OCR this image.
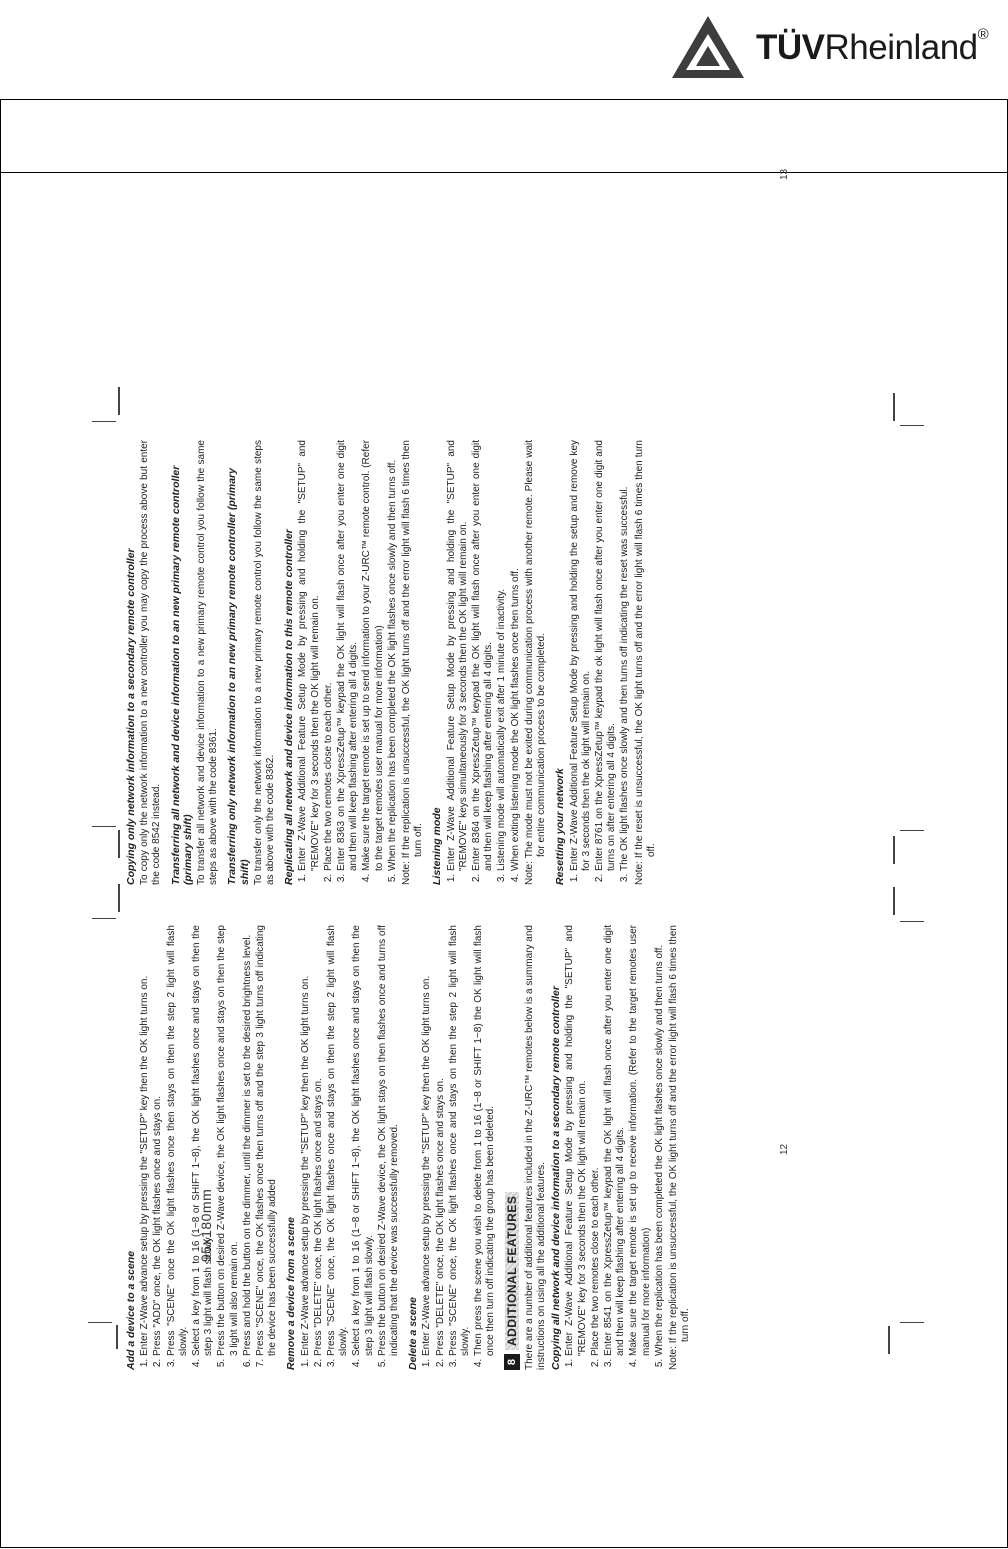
TÜVRheinland®
95x180mm
Add a device to a scene 1. Enter Z-Wave advance setup by pressing the "SETUP" key then the OK light turns on. 2. Press "ADD" once, the OK light flashes once and stays on. 3. Press "SCENE" once the OK light flashes once then stays on then the step 2 light will flash slowly. 4. Select a key from 1 to 16 (1~8 or SHIFT 1~8), the OK light flashes once and stays on then the step 3 light will flash slowly. 5. Press the button on desired Z-Wave device, the OK light flashes once and stays on then the step 3 light will also remain on. 6. Press and hold the button on the dimmer, until the dimmer is set to the desired brightness level. 7. Press "SCENE" once, the OK flashes once then turns off and the step 3 light turns off indicating the device has been successfully added Remove a device from a scene 1. Enter Z-Wave advance setup by pressing the "SETUP" key then the OK light turns on. 2. Press "DELETE" once, the OK light flashes once and stays on. 3. Press "SCENE" once, the OK light flashes once and stays on then the step 2 light will flash slowly. 4. Select a key from 1 to 16 (1~8 or SHIFT 1~8), the OK light flashes once and stays on then the step 3 light will flash slowly. 5. Press the button on desired Z-Wave device, the OK light stays on then flashes once and turns off indicating that the device was successfully removed. Delete a scene 1. Enter Z-Wave advance setup by pressing the "SETUP" key then the OK light turns on. 2. Press "DELETE" once, the OK light flashes once and stays on. 3. Press "SCENE" once, the OK light flashes once and stays on then the step 2 light will flash slowly. 4. Then press the scene you wish to delete from 1 to 16 (1~8 or SHIFT 1~8) the OK light will flash once then turn off indicating the group has been deleted.
8
ADDITIONAL FEATURES There are a number of additional features included in the Z-URC™ remotes below is a summary and instructions on using all the additional features. Copying all network and device information to a secondary remote controller 1. Enter Z-Wave Additional Feature Setup Mode by pressing and holding the "SETUP" and "REMOVE" key for 3 seconds then the OK light will remain on. 2. Place the two remotes close to each other. 3. Enter 8541 on the XpressZetup™ keypad the OK light will flash once after you enter one digit and then will keep flashing after entering all 4 digits. 4. Make sure the target remote is set up to receive information. (Refer to the target remotes user manual for more information) 5. When the replication has been completed the OK light flashes once slowly and then turns off. Note: If the replication is unsuccessful, the OK light turns off and the error light will flash 6 times then turn off.
12
Copying only network information to a secondary remote controller To copy only the network information to a new controller you may copy the process above but enter the code 8542 instead. Transferring all network and device information to an new primary remote controller (primary shift) To transfer all network and device information to a new primary remote control you follow the same steps as above with the code 8361. Transferring only network information to an new primary remote controller (primary shift) To transfer only the network information to a new primary remote control you follow the same steps as above with the code 8362. Replicating all network and device information to this remote controller 1. Enter Z-Wave Additional Feature Setup Mode by pressing and holding the "SETUP" and "REMOVE" key for 3 seconds then the OK light will remain on. 2. Place the two remotes close to each other. 3. Enter 8363 on the XpressZetup™ keypad the OK light will flash once after you enter one digit and then will keep flashing after entering all 4 digits. 4. Make sure the target remote is set up to send information to your Z-URC™ remote control. (Refer to the target remotes user manual for more information) 5. When the replication has been completed the OK light flashes once slowly and then turns off. Note: If the replication is unsuccessful, the OK light turns off and the error light will flash 6 times then turn off. Listening mode 1. Enter Z-Wave Additional Feature Setup Mode by pressing and holding the "SETUP" and "REMOVE" keys simultaneously for 3 seconds then the OK light will remain on. 2. Enter 8364 on the XpressZetup™ keypad the OK light will flash once after you enter one digit and then will keep flashing after entering all 4 digits. 3. Listening mode will automatically exit after 1 minute of inactivity. 4. When exiting listening mode the OK light flashes once then turns off. Note: The mode must not be exited during communication process with another remote. Please wait for entire communication process to be completed. Resetting your network 1. Enter Z-Wave Additional Feature Setup Mode by pressing and holding the setup and remove key for 3 seconds then the ok light will remain on. 2. Enter 8761 on the XpressZetup™ keypad the ok light will flash once after you enter one digit and turns on after entering all 4 digits. 3. The OK light flashes once slowly and then turns off indicating the reset was successful. Note: If the reset is unsuccessful, the OK light turns off and the error light will flash 6 times then turn off.
13
